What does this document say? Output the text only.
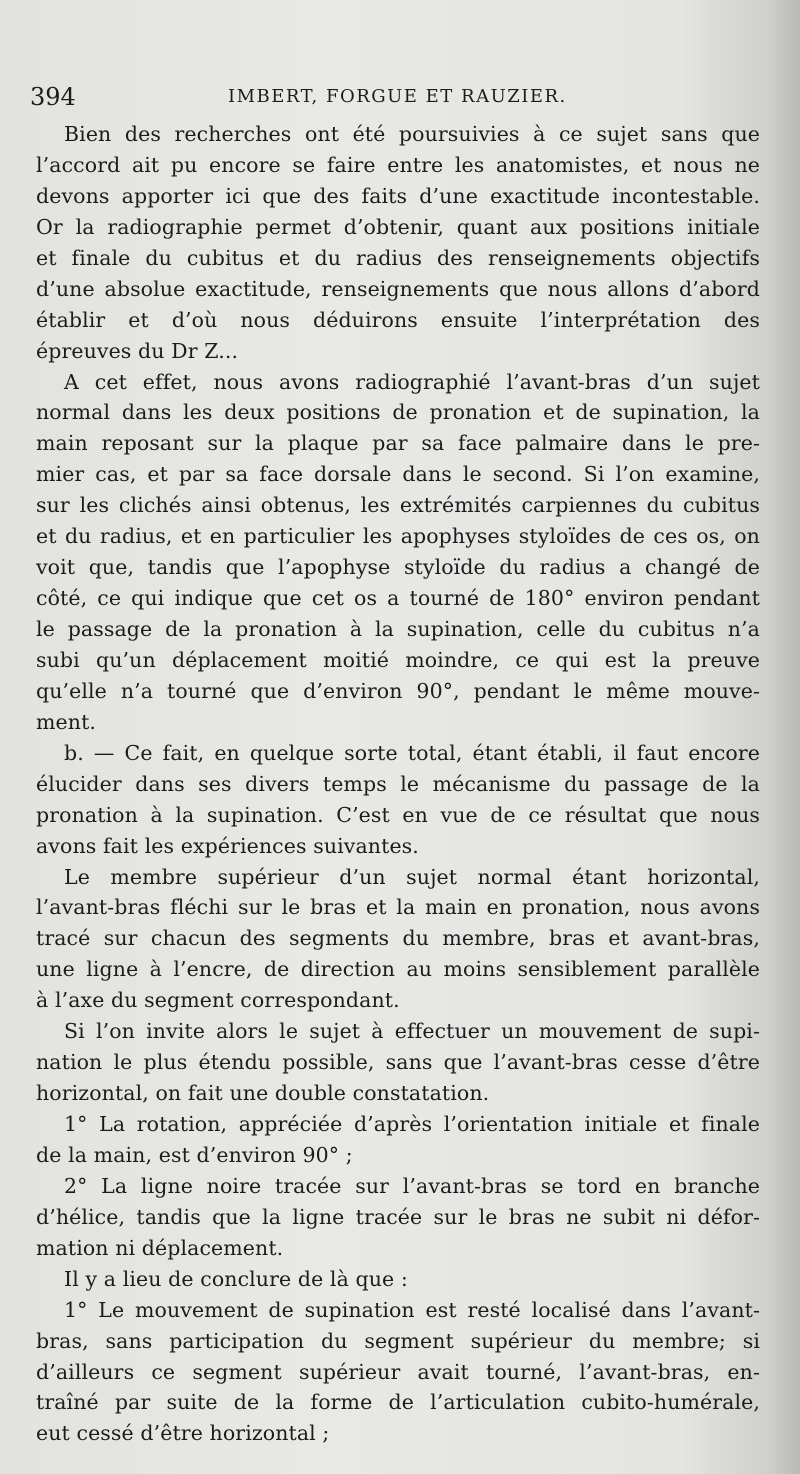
394	IMBERT, FORGUE ET RAUZIER.
Bien des recherches ont été poursuivies à ce sujet sans que
l’accord ait pu encore se faire entre les anatomistes, et nous ne
devons apporter ici que des faits d’une exactitude incontestable.
Or la radiographie permet d’obtenir, quant aux positions initiale
et finale du cubitus et du radius des renseignements objectifs
d’une absolue exactitude, renseignements que nous allons d’abord
établir et d’où nous déduirons ensuite l’interprétation des
épreuves du Dr Z...
A cet effet, nous avons radiographié l’avant-bras d’un sujet
normal dans les deux positions de pronation et de supination, la
main reposant sur la plaque par sa face palmaire dans le pre-
mier cas, et par sa face dorsale dans le second. Si l’on examine,
sur les clichés ainsi obtenus, les extrémités carpiennes du cubitus
et du radius, et en particulier les apophyses styloïdes de ces os, on
voit que, tandis que l’apophyse styloïde du radius a changé de
côté, ce qui indique que cet os a tourné de 180° environ pendant
le passage de la pronation à la supination, celle du cubitus n’a
subi qu’un déplacement moitié moindre, ce qui est la preuve
qu’elle n’a tourné que d’environ 90°, pendant le même mouve-
ment.
b. — Ce fait, en quelque sorte total, étant établi, il faut encore
élucider dans ses divers temps le mécanisme du passage de la
pronation à la supination. C’est en vue de ce résultat que nous
avons fait les expériences suivantes.
Le membre supérieur d’un sujet normal étant horizontal,
l’avant-bras fléchi sur le bras et la main en pronation, nous avons
tracé sur chacun des segments du membre, bras et avant-bras,
une ligne à l’encre, de direction au moins sensiblement parallèle
à l’axe du segment correspondant.
Si l’on invite alors le sujet à effectuer un mouvement de supi-
nation le plus étendu possible, sans que l’avant-bras cesse d’être
horizontal, on fait une double constatation.
1° La rotation, appréciée d’après l’orientation initiale et finale
de la main, est d’environ 90° ;
2° La ligne noire tracée sur l’avant-bras se tord en branche
d’hélice, tandis que la ligne tracée sur le bras ne subit ni défor-
mation ni déplacement.
Il y a lieu de conclure de là que :
1° Le mouvement de supination est resté localisé dans l’avant-
bras, sans participation du segment supérieur du membre; si
d’ailleurs ce segment supérieur avait tourné, l’avant-bras, en-
traîné par suite de la forme de l’articulation cubito-humérale,
eut cessé d’être horizontal ;
